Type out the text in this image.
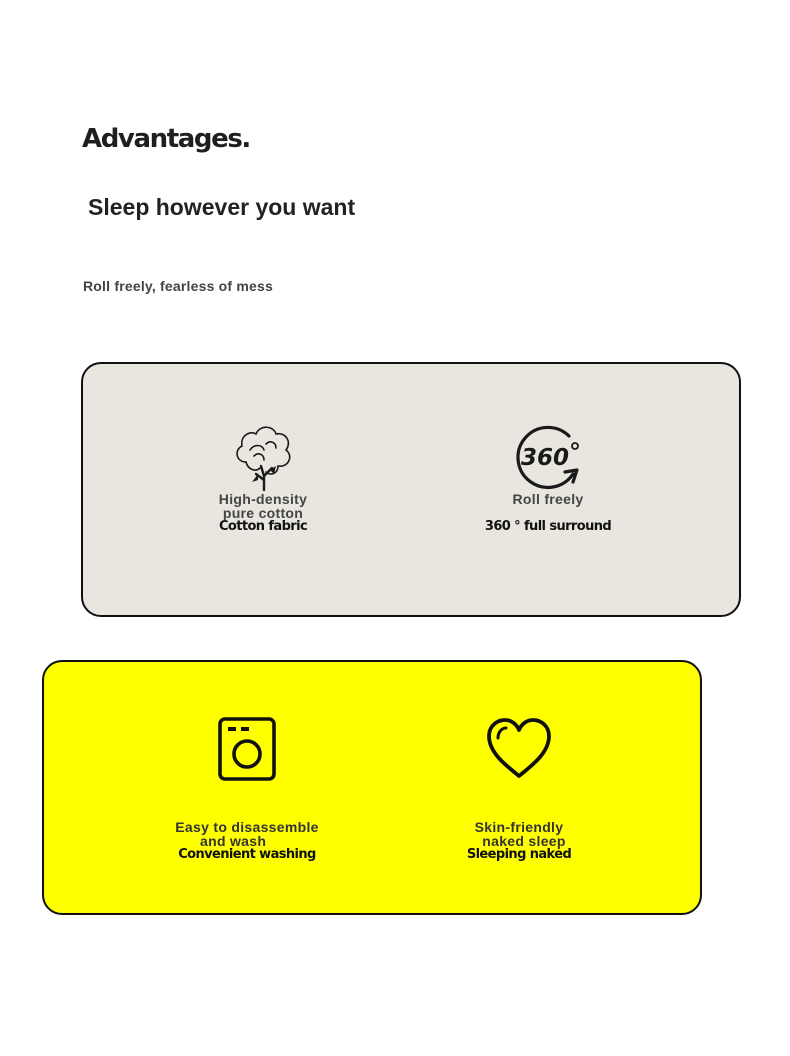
Advantages.
Sleep however you want
Roll freely, fearless of mess
High-density
pure cotton
Cotton fabric
360
Roll freely
360 ° full surround
Easy to disassemble
and wash
Convenient washing
Skin-friendly
naked sleep
Sleeping naked
